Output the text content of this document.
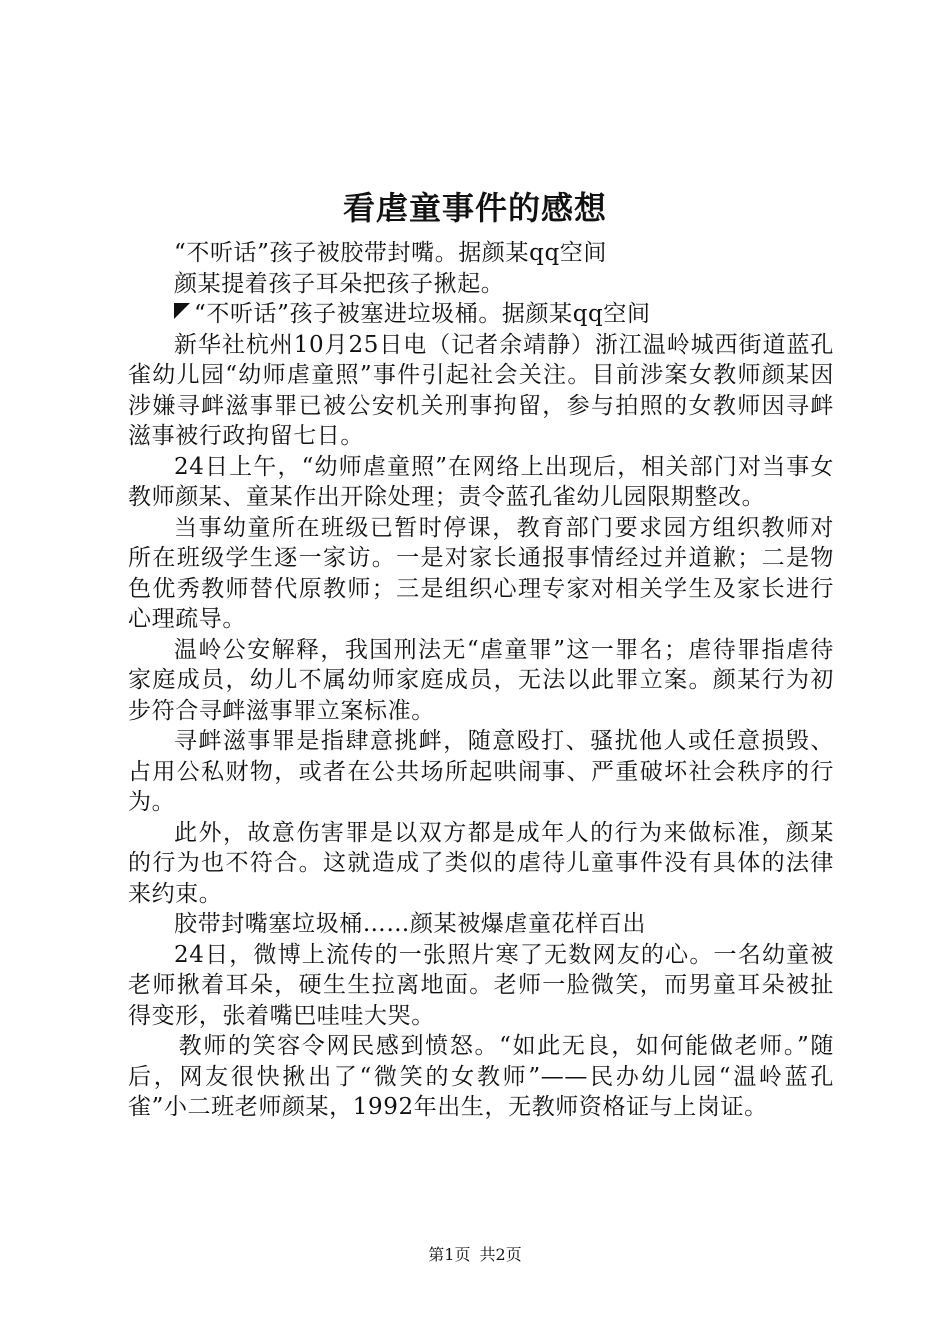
看虐童事件的感想

“不听话”孩子被胶带封嘴。据颜某qq空间

颜某提着孩子耳朵把孩子揪起。

“不听话”孩子被塞进垃圾桶。据颜某qq空间

新华社杭州10月25日电（记者余靖静）浙江温岭城西街道蓝孔雀幼儿园“幼师虐童照”事件引起社会关注。目前涉案女教师颜某因涉嫌寻衅滋事罪已被公安机关刑事拘留，参与拍照的女教师因寻衅滋事被行政拘留七日。

24日上午，“幼师虐童照”在网络上出现后，相关部门对当事女教师颜某、童某作出开除处理；责令蓝孔雀幼儿园限期整改。

当事幼童所在班级已暂时停课，教育部门要求园方组织教师对所在班级学生逐一家访。一是对家长通报事情经过并道歉；二是物色优秀教师替代原教师；三是组织心理专家对相关学生及家长进行心理疏导。

温岭公安解释，我国刑法无“虐童罪”这一罪名；虐待罪指虐待家庭成员，幼儿不属幼师家庭成员，无法以此罪立案。颜某行为初步符合寻衅滋事罪立案标准。

寻衅滋事罪是指肆意挑衅，随意殴打、骚扰他人或任意损毁、占用公私财物，或者在公共场所起哄闹事、严重破坏社会秩序的行为。

此外，故意伤害罪是以双方都是成年人的行为来做标准，颜某的行为也不符合。这就造成了类似的虐待儿童事件没有具体的法律来约束。

胶带封嘴塞垃圾桶……颜某被爆虐童花样百出

24日，微博上流传的一张照片寒了无数网友的心。一名幼童被老师揪着耳朵，硬生生拉离地面。老师一脸微笑，而男童耳朵被扯得变形，张着嘴巴哇哇大哭。

教师的笑容令网民感到愤怒。“如此无良，如何能做老师。”随后，网友很快揪出了“微笑的女教师”——民办幼儿园“温岭蓝孔雀”小二班老师颜某，1992年出生，无教师资格证与上岗证。

第1页 共2页
